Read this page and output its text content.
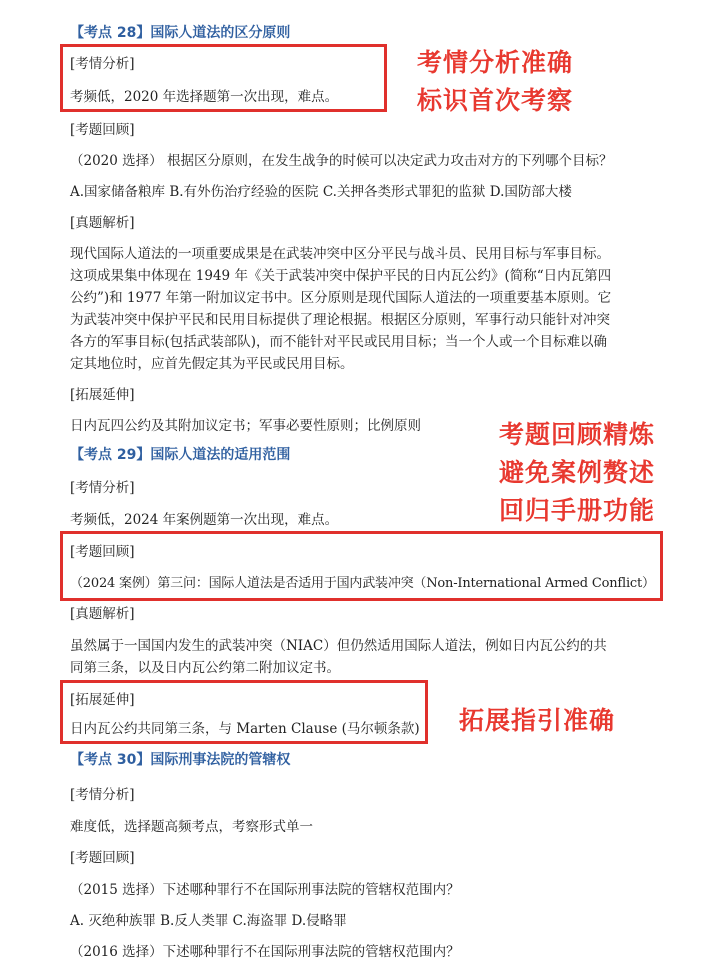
【考点 28】国际人道法的区分原则
[考情分析]
考频低，2020 年选择题第一次出现，难点。
[考题回顾]
（2020 选择） 根据区分原则，在发生战争的时候可以决定武力攻击对方的下列哪个目标？
A.国家储备粮库 B.有外伤治疗经验的医院 C.关押各类形式罪犯的监狱 D.国防部大楼
[真题解析]
现代国际人道法的一项重要成果是在武装冲突中区分平民与战斗员、民用目标与军事目标。
这项成果集中体现在 1949 年《关于武装冲突中保护平民的日内瓦公约》(简称“日内瓦第四
公约”)和 1977 年第一附加议定书中。区分原则是现代国际人道法的一项重要基本原则。它
为武装冲突中保护平民和民用目标提供了理论根据。根据区分原则，军事行动只能针对冲突
各方的军事目标(包括武装部队)，而不能针对平民或民用目标；当一个人或一个目标难以确
定其地位时，应首先假定其为平民或民用目标。
[拓展延伸]
日内瓦四公约及其附加议定书；军事必要性原则；比例原则
【考点 29】国际人道法的适用范围
[考情分析]
考频低，2024 年案例题第一次出现，难点。
[考题回顾]
（2024 案例）第三问：国际人道法是否适用于国内武装冲突（Non-International Armed Conflict）
[真题解析]
虽然属于一国国内发生的武装冲突（NIAC）但仍然适用国际人道法，例如日内瓦公约的共
同第三条，以及日内瓦公约第二附加议定书。
[拓展延伸]
日内瓦公约共同第三条，与 Marten Clause (马尔顿条款)
【考点 30】国际刑事法院的管辖权
[考情分析]
难度低，选择题高频考点，考察形式单一
[考题回顾]
（2015 选择）下述哪种罪行不在国际刑事法院的管辖权范围内？
A. 灭绝种族罪 B.反人类罪 C.海盗罪 D.侵略罪
（2016 选择）下述哪种罪行不在国际刑事法院的管辖权范围内？
考情分析准确
标识首次考察
考题回顾精炼
避免案例赘述
回归手册功能
拓展指引准确
